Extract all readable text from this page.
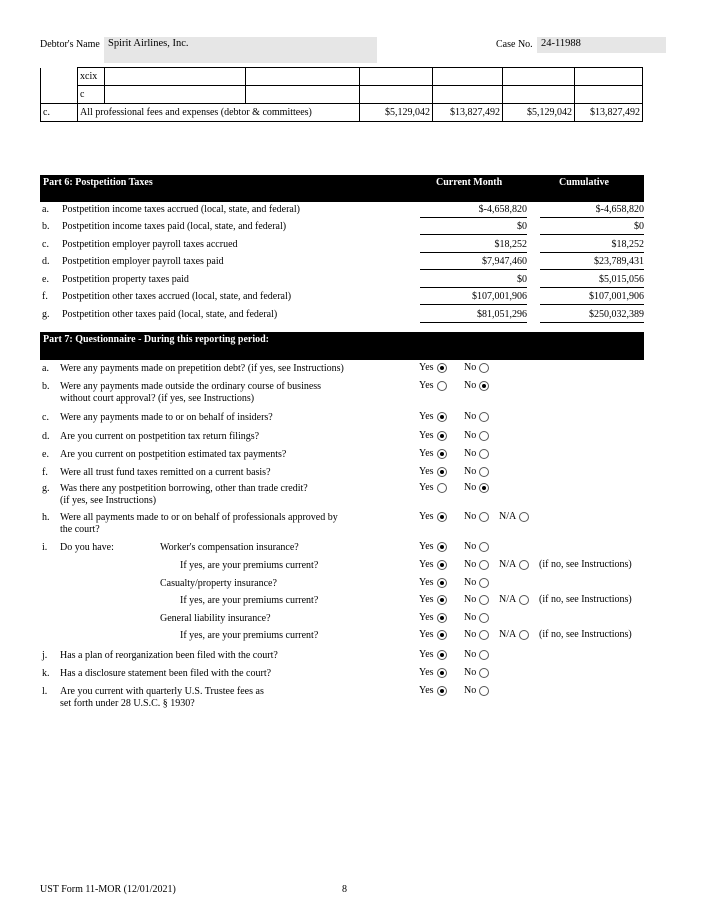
Debtor's Name Spirit Airlines, Inc.	Case No. 24-11988
	xcix						
	c						
c.	All professional fees and expenses (debtor & committees)			$5,129,042	$13,827,492	$5,129,042	$13,827,492
Part 6: Postpetition Taxes	Current Month	Cumulative
a. Postpetition income taxes accrued (local, state, and federal)	$-4,658,820	$-4,658,820
b. Postpetition income taxes paid (local, state, and federal)	$0	$0
c. Postpetition employer payroll taxes accrued	$18,252	$18,252
d. Postpetition employer payroll taxes paid	$7,947,460	$23,789,431
e. Postpetition property taxes paid	$0	$5,015,056
f. Postpetition other taxes accrued (local, state, and federal)	$107,001,906	$107,001,906
g. Postpetition other taxes paid (local, state, and federal)	$81,051,296	$250,032,389
Part 7: Questionnaire - During this reporting period:
a. Were any payments made on prepetition debt? (if yes, see Instructions)	Yes	No
b. Were any payments made outside the ordinary course of business
without court approval? (if yes, see Instructions)
Yes	No
c. Were any payments made to or on behalf of insiders?	Yes	No
d. Are you current on postpetition tax return filings?	Yes	No
e. Are you current on postpetition estimated tax payments?	Yes	No
f. Were all trust fund taxes remitted on a current basis?	Yes	No
g. Was there any postpetition borrowing, other than trade credit?
(if yes, see Instructions)
Yes	No
h. Were all payments made to or on behalf of professionals approved by
the court?
Yes	No N/A
i. Do you have:	Worker's compensation insurance?	Yes	No
If yes, are your premiums current?	Yes	No N/A (if no, see Instructions)
Casualty/property insurance?	Yes	No
If yes, are your premiums current?	Yes	No N/A (if no, see Instructions)
General liability insurance?	Yes	No
If yes, are your premiums current?	Yes	No N/A (if no, see Instructions)
j. Has a plan of reorganization been filed with the court?	Yes	No
k. Has a disclosure statement been filed with the court?	Yes	No
l. Are you current with quarterly U.S. Trustee fees as
set forth under 28 U.S.C. § 1930?
Yes	No
UST Form 11-MOR (12/01/2021)	8
